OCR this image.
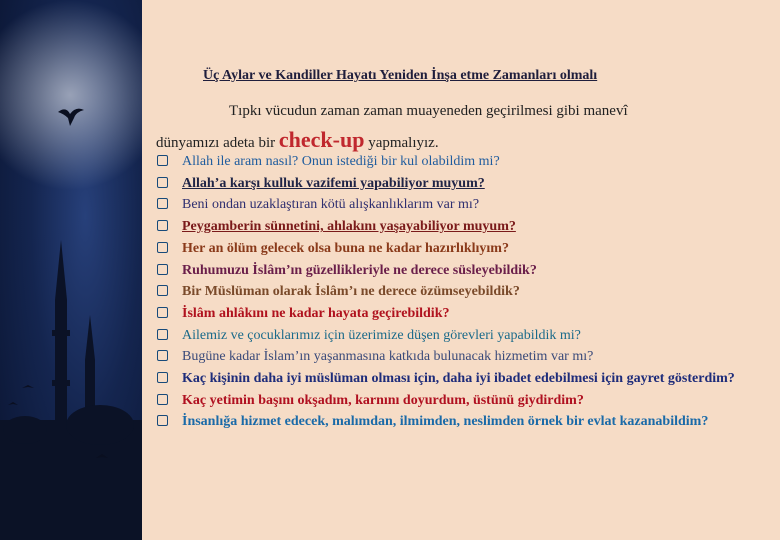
Üç Aylar ve Kandiller Hayatı Yeniden İnşa etme Zamanları olmalı
Tıpkı vücudun zaman zaman muayeneden geçirilmesi gibi manevî
dünyamızı adeta bir check-up yapmalıyız.
Allah ile aram nasıl? Onun istediği bir kul olabildim mi?
Allah’a karşı kulluk vazifemi yapabiliyor muyum?
Beni ondan uzaklaştıran kötü alışkanlıklarım var mı?
Peygamberin sünnetini, ahlakını yaşayabiliyor muyum?
Her an ölüm gelecek olsa buna ne kadar hazırlıklıyım?
Ruhumuzu İslâm’ın güzellikleriyle ne derece süsleyebildik?
Bir Müslüman olarak İslâm’ı ne derece özümseyebildik?
İslâm ahlâkını ne kadar hayata geçirebildik?
Ailemiz ve çocuklarımız için üzerimize düşen görevleri yapabildik mi?
Bugüne kadar İslam’ın yaşanmasına katkıda bulunacak hizmetim var mı?
Kaç kişinin daha iyi müslüman olması için, daha iyi ibadet edebilmesi için gayret gösterdim?
Kaç yetimin başını okşadım, karnını doyurdum, üstünü giydirdim?
İnsanlığa hizmet edecek, malımdan, ilmimden, neslimden örnek bir evlat kazanabildim?
